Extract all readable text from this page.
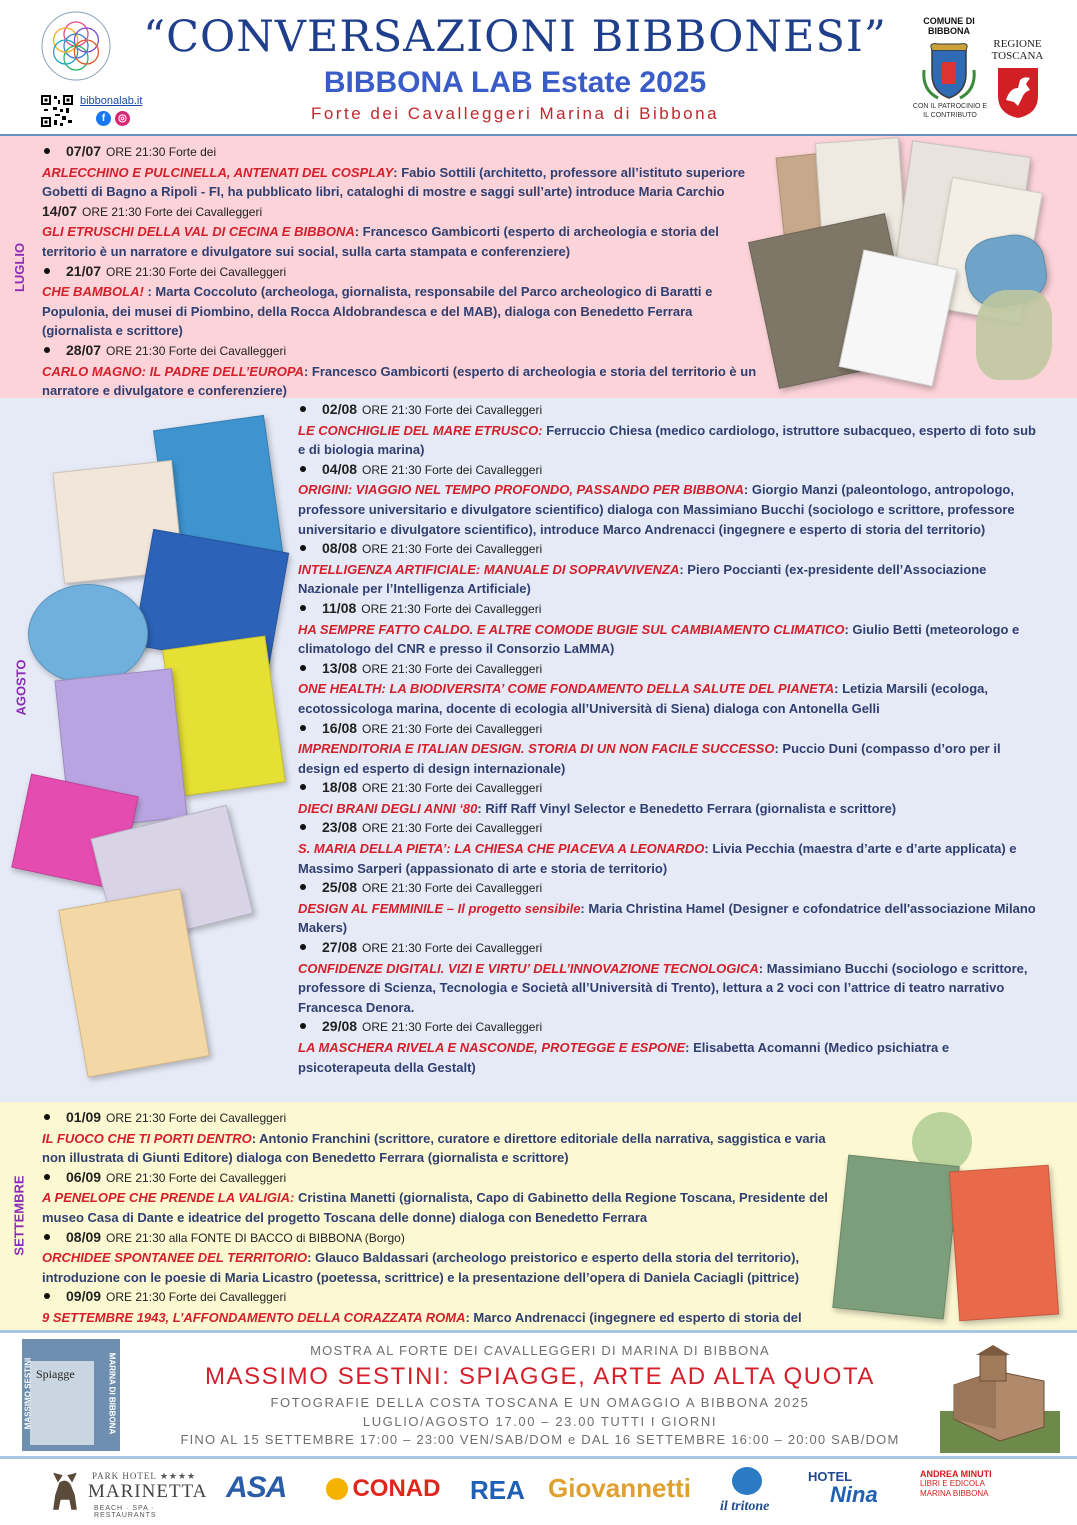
bibbonalab.it
f	◎
“CONVERSAZIONI BIBBONESI”
BIBBONA LAB Estate 2025
Forte dei Cavalleggeri Marina di Bibbona
COMUNE DI BIBBONA
CON IL PATROCINIO E IL CONTRIBUTO
REGIONE TOSCANA
LUGLIO
07/07 ORE 21:30 Forte dei
ARLECCHINO E PULCINELLA, ANTENATI DEL COSPLAY: Fabio Sottili (architetto, professore all’istituto superiore Gobetti di Bagno a Ripoli - FI, ha pubblicato libri, cataloghi di mostre e saggi sull’arte) introduce Maria Carchio
14/07 ORE 21:30 Forte dei Cavalleggeri
GLI ETRUSCHI DELLA VAL DI CECINA E BIBBONA: Francesco Gambicorti (esperto di archeologia e storia del territorio è un narratore e divulgatore sui social, sulla carta stampata e conferenziere)
21/07 ORE 21:30 Forte dei Cavalleggeri
CHE BAMBOLA! : Marta Coccoluto (archeologa, giornalista, responsabile del Parco archeologico di Baratti e Populonia, dei musei di Piombino, della Rocca Aldobrandesca e del MAB), dialoga con Benedetto Ferrara (giornalista e scrittore)
28/07 ORE 21:30 Forte dei Cavalleggeri
CARLO MAGNO: IL PADRE DELL’EUROPA: Francesco Gambicorti (esperto di archeologia e storia del territorio è un narratore e divulgatore e conferenziere)
AGOSTO
02/08 ORE 21:30 Forte dei Cavalleggeri
LE CONCHIGLIE DEL MARE ETRUSCO: Ferruccio Chiesa (medico cardiologo, istruttore subacqueo, esperto di foto sub e di biologia marina)
04/08 ORE 21:30 Forte dei Cavalleggeri
ORIGINI: VIAGGIO NEL TEMPO PROFONDO, PASSANDO PER BIBBONA: Giorgio Manzi (paleontologo, antropologo, professore universitario e divulgatore scientifico) dialoga con Massimiano Bucchi (sociologo e scrittore, professore universitario e divulgatore scientifico), introduce Marco Andrenacci (ingegnere e esperto di storia del territorio)
08/08 ORE 21:30 Forte dei Cavalleggeri
INTELLIGENZA ARTIFICIALE: MANUALE DI SOPRAVVIVENZA: Piero Poccianti (ex-presidente dell’Associazione Nazionale per l’Intelligenza Artificiale)
11/08 ORE 21:30 Forte dei Cavalleggeri
HA SEMPRE FATTO CALDO. E ALTRE COMODE BUGIE SUL CAMBIAMENTO CLIMATICO: Giulio Betti (meteorologo e climatologo del CNR e presso il Consorzio LaMMA)
13/08 ORE 21:30 Forte dei Cavalleggeri
ONE HEALTH: LA BIODIVERSITA’ COME FONDAMENTO DELLA SALUTE DEL PIANETA: Letizia Marsili (ecologa, ecotossicologa marina, docente di ecologia all’Università di Siena) dialoga con Antonella Gelli
16/08 ORE 21:30 Forte dei Cavalleggeri
IMPRENDITORIA E ITALIAN DESIGN. STORIA DI UN NON FACILE SUCCESSO: Puccio Duni (compasso d’oro per il design ed esperto di design internazionale)
18/08 ORE 21:30 Forte dei Cavalleggeri
DIECI BRANI DEGLI ANNI ‘80: Riff Raff Vinyl Selector e Benedetto Ferrara (giornalista e scrittore)
23/08 ORE 21:30 Forte dei Cavalleggeri
S. MARIA DELLA PIETA’: LA CHIESA CHE PIACEVA A LEONARDO: Livia Pecchia (maestra d’arte e d’arte applicata) e Massimo Sarperi (appassionato di arte e storia de territorio)
25/08 ORE 21:30 Forte dei Cavalleggeri
DESIGN AL FEMMINILE – Il progetto sensibile: Maria Christina Hamel (Designer e cofondatrice dell'associazione Milano Makers)
27/08 ORE 21:30 Forte dei Cavalleggeri
CONFIDENZE DIGITALI. VIZI E VIRTU’ DELL’INNOVAZIONE TECNOLOGICA: Massimiano Bucchi (sociologo e scrittore, professore di Scienza, Tecnologia e Società all’Università di Trento), lettura a 2 voci con l’attrice di teatro narrativo Francesca Denora.
29/08 ORE 21:30 Forte dei Cavalleggeri
LA MASCHERA RIVELA E NASCONDE, PROTEGGE E ESPONE: Elisabetta Acomanni (Medico psichiatra e psicoterapeuta della Gestalt)
SETTEMBRE
01/09 ORE 21:30 Forte dei Cavalleggeri
IL FUOCO CHE TI PORTI DENTRO: Antonio Franchini (scrittore, curatore e direttore editoriale della narrativa, saggistica e varia non illustrata di Giunti Editore) dialoga con Benedetto Ferrara (giornalista e scrittore)
06/09 ORE 21:30 Forte dei Cavalleggeri
A PENELOPE CHE PRENDE LA VALIGIA: Cristina Manetti (giornalista, Capo di Gabinetto della Regione Toscana, Presidente del museo Casa di Dante e ideatrice del progetto Toscana delle donne) dialoga con Benedetto Ferrara
08/09 ORE 21:30 alla FONTE DI BACCO di BIBBONA (Borgo)
ORCHIDEE SPONTANEE DEL TERRITORIO: Glauco Baldassari (archeologo preistorico e esperto della storia del territorio), introduzione con le poesie di Maria Licastro (poetessa, scrittrice) e la presentazione dell’opera di Daniela Caciagli (pittrice)
09/09 ORE 21:30 Forte dei Cavalleggeri
9 SETTEMBRE 1943, L’AFFONDAMENTO DELLA CORAZZATA ROMA: Marco Andrenacci (ingegnere ed esperto di storia del
Spiagge
MASSIMO SESTINI	MARINA DI BIBBONA
MOSTRA AL FORTE DEI CAVALLEGGERI DI MARINA DI BIBBONA
MASSIMO SESTINI: SPIAGGE, ARTE AD ALTA QUOTA
FOTOGRAFIE DELLA COSTA TOSCANA E UN OMAGGIO A BIBBONA 2025
LUGLIO/AGOSTO 17.00 – 23.00 TUTTI I GIORNI
FINO AL 15 SETTEMBRE 17:00 – 23:00 VEN/SAB/DOM e DAL 16 SETTEMBRE 16:00 – 20:00 SAB/DOM
PARK HOTEL ★★★★
MARINETTA
BEACH · SPA · RESTAURANTS
ASA	CONAD REA Giovannetti
il tritone
HOTEL
Nina
ANDREA MINUTI
LIBRI E EDICOLA MARINA BIBBONA
